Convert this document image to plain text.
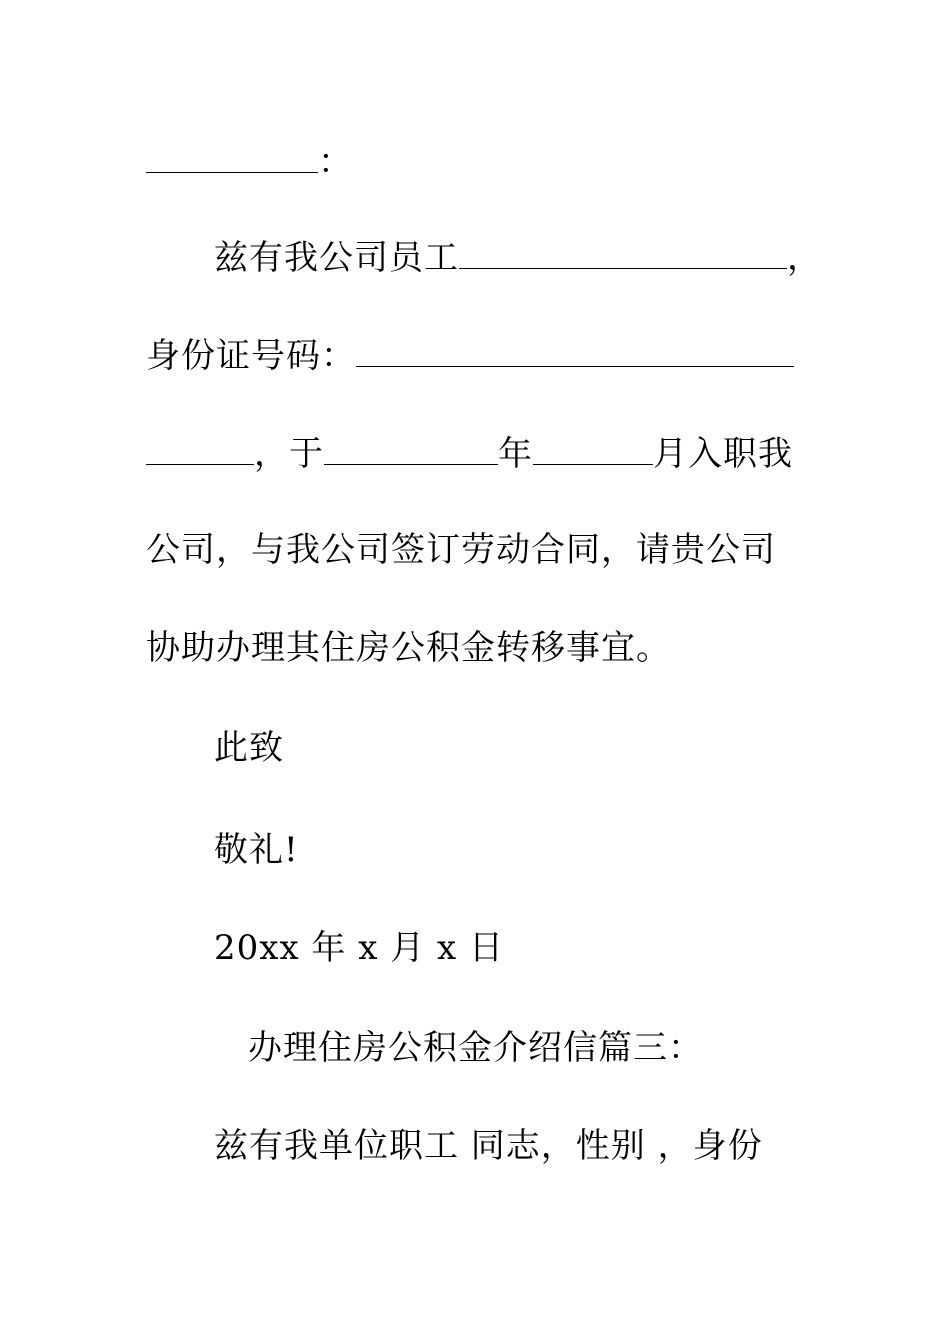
：
兹有我公司员工	，
身份证号码：
，于	年	月入职我
公司，与我公司签订劳动合同，请贵公司
协助办理其住房公积金转移事宜。
此致
敬礼!
20xx 年 x 月 x 日
办理住房公积金介绍信篇三：
兹有我单位职工 同志，性别 ，身份
